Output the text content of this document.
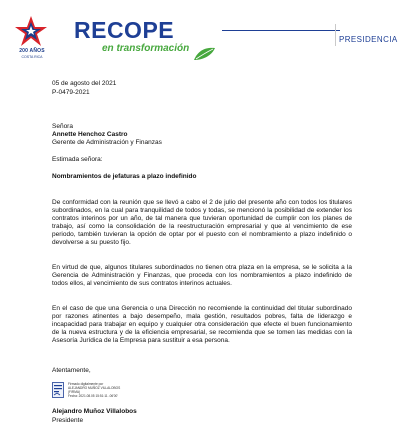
200 AÑOS
COSTA RICA
RECOPE
en transformación
PRESIDENCIA
05 de agosto del 2021
P-0479-2021
Señora
Annette Henchoz Castro
Gerente de Administración y Finanzas
Estimada señora:
Nombramientos de jefaturas a plazo indefinido
De conformidad con la reunión que se llevó a cabo el 2 de julio del presente año con todos los titulares subordinados, en la cual para tranquilidad de todos y todas, se mencionó la posibilidad de extender los contratos interinos por un año, de tal manera que tuvieran oportunidad de cumplir con los planes de trabajo, así como la consolidación de la reestructuración empresarial y que al vencimiento de ese periodo, también tuvieran la opción de optar por el puesto con el nombramiento a plazo indefinido o devolverse a su puesto fijo.
En virtud de que, algunos titulares subordinados no tienen otra plaza en la empresa, se le solicita a la Gerencia de Administración y Finanzas, que proceda con los nombramientos a plazo indefinido de todos ellos, al vencimiento de sus contratos interinos actuales.
En el caso de que una Gerencia o una Dirección no recomiende la continuidad del titular subordinado por razones atinentes a bajo desempeño, mala gestión, resultados pobres, falta de liderazgo e incapacidad para trabajar en equipo y cualquier otra consideración que efecte el buen funcionamiento de la nueva estructura y de la eficiencia empresarial, se recomienda que se tomen las medidas con la Asesoría Jurídica de la Empresa para sustituir a esa persona.
Atentamente,
Firmado digitalmente por
ALEJANDRO MUÑOZ VILLALOBOS
(FIRMA)
Fecha: 2021.08.05 15:51:11 -06'00'
Alejandro Muñoz Villalobos
Presidente
